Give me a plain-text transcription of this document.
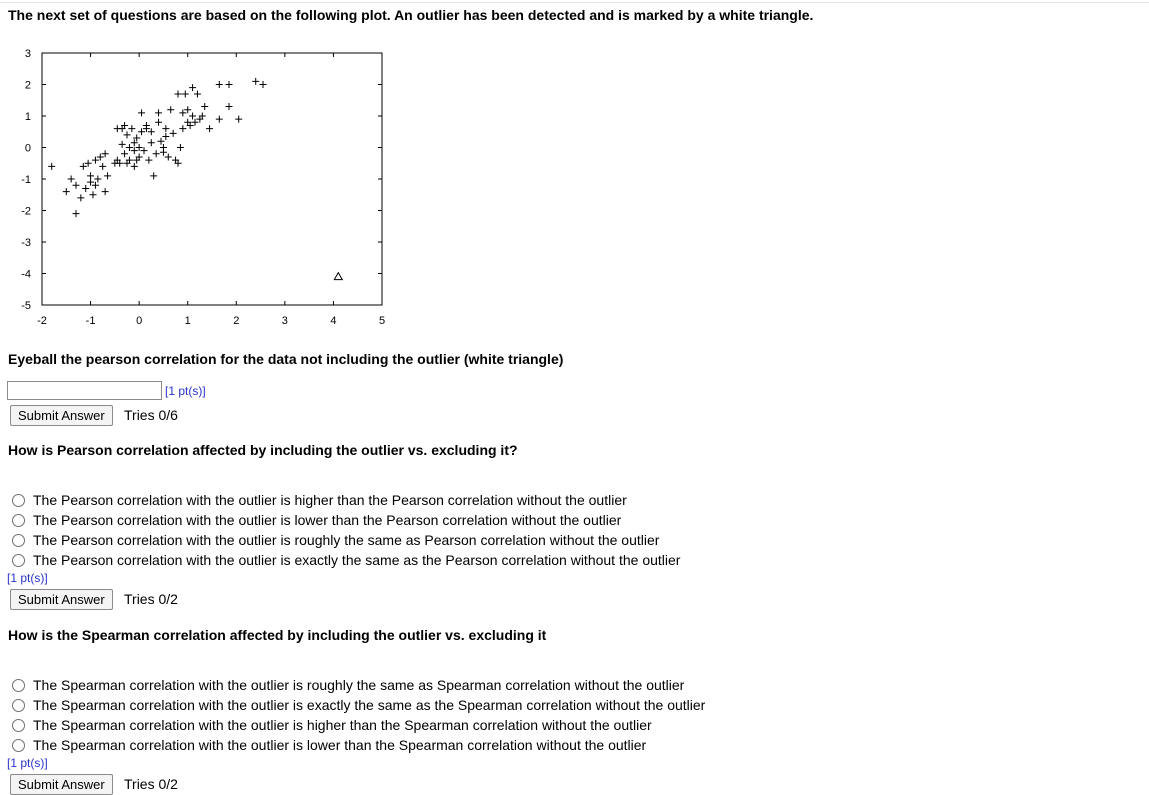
The next set of questions are based on the following plot. An outlier has been detected and is marked by a white triangle.
-2	-1	0	1	2	3	4	5
3
2
1
0
-1
-2
-3
-4
-5
Eyeball the pearson correlation for the data not including the outlier (white triangle)
[1 pt(s)]
Submit Answer	Tries 0/6
How is Pearson correlation affected by including the outlier vs. excluding it?
The Pearson correlation with the outlier is higher than the Pearson correlation without the outlier
The Pearson correlation with the outlier is lower than the Pearson correlation without the outlier
The Pearson correlation with the outlier is roughly the same as Pearson correlation without the outlier
The Pearson correlation with the outlier is exactly the same as the Pearson correlation without the outlier
[1 pt(s)]
Submit Answer	Tries 0/2
How is the Spearman correlation affected by including the outlier vs. excluding it
The Spearman correlation with the outlier is roughly the same as Spearman correlation without the outlier
The Spearman correlation with the outlier is exactly the same as the Spearman correlation without the outlier
The Spearman correlation with the outlier is higher than the Spearman correlation without the outlier
The Spearman correlation with the outlier is lower than the Spearman correlation without the outlier
[1 pt(s)]
Submit Answer	Tries 0/2
